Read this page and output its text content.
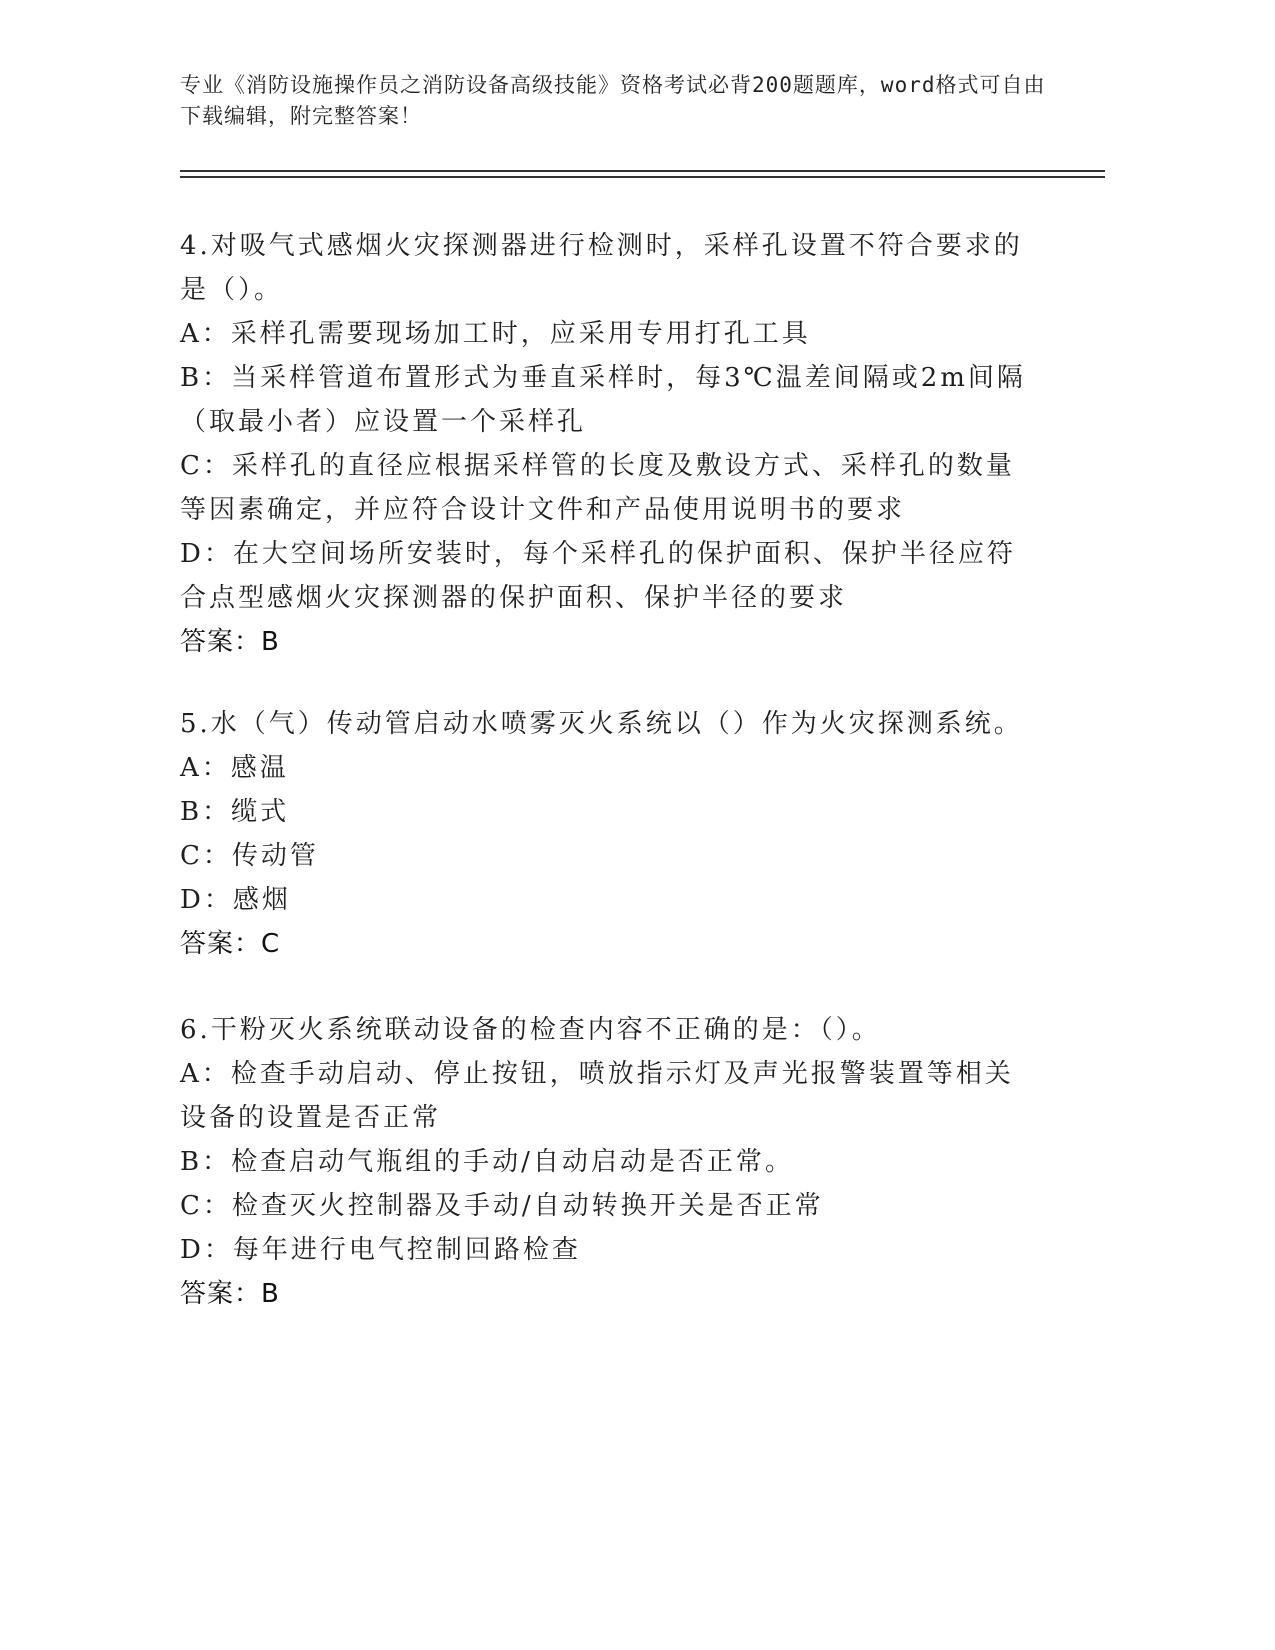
专业《消防设施操作员之消防设备高级技能》资格考试必背200题题库，word格式可自由下载编辑，附完整答案！

4.对吸气式感烟火灾探测器进行检测时，采样孔设置不符合要求的是（）。

A：采样孔需要现场加工时，应采用专用打孔工具

B：当采样管道布置形式为垂直采样时，每3℃温差间隔或2m间隔（取最小者）应设置一个采样孔

C：采样孔的直径应根据采样管的长度及敷设方式、采样孔的数量等因素确定，并应符合设计文件和产品使用说明书的要求

D：在大空间场所安装时，每个采样孔的保护面积、保护半径应符合点型感烟火灾探测器的保护面积、保护半径的要求

答案：B

5.水（气）传动管启动水喷雾灭火系统以（）作为火灾探测系统。

A：感温

B：缆式

C：传动管

D：感烟

答案：C

6.干粉灭火系统联动设备的检查内容不正确的是：（）。

A：检查手动启动、停止按钮，喷放指示灯及声光报警装置等相关设备的设置是否正常

B：检查启动气瓶组的手动/自动启动是否正常。

C：检查灭火控制器及手动/自动转换开关是否正常

D：每年进行电气控制回路检查

答案：B
